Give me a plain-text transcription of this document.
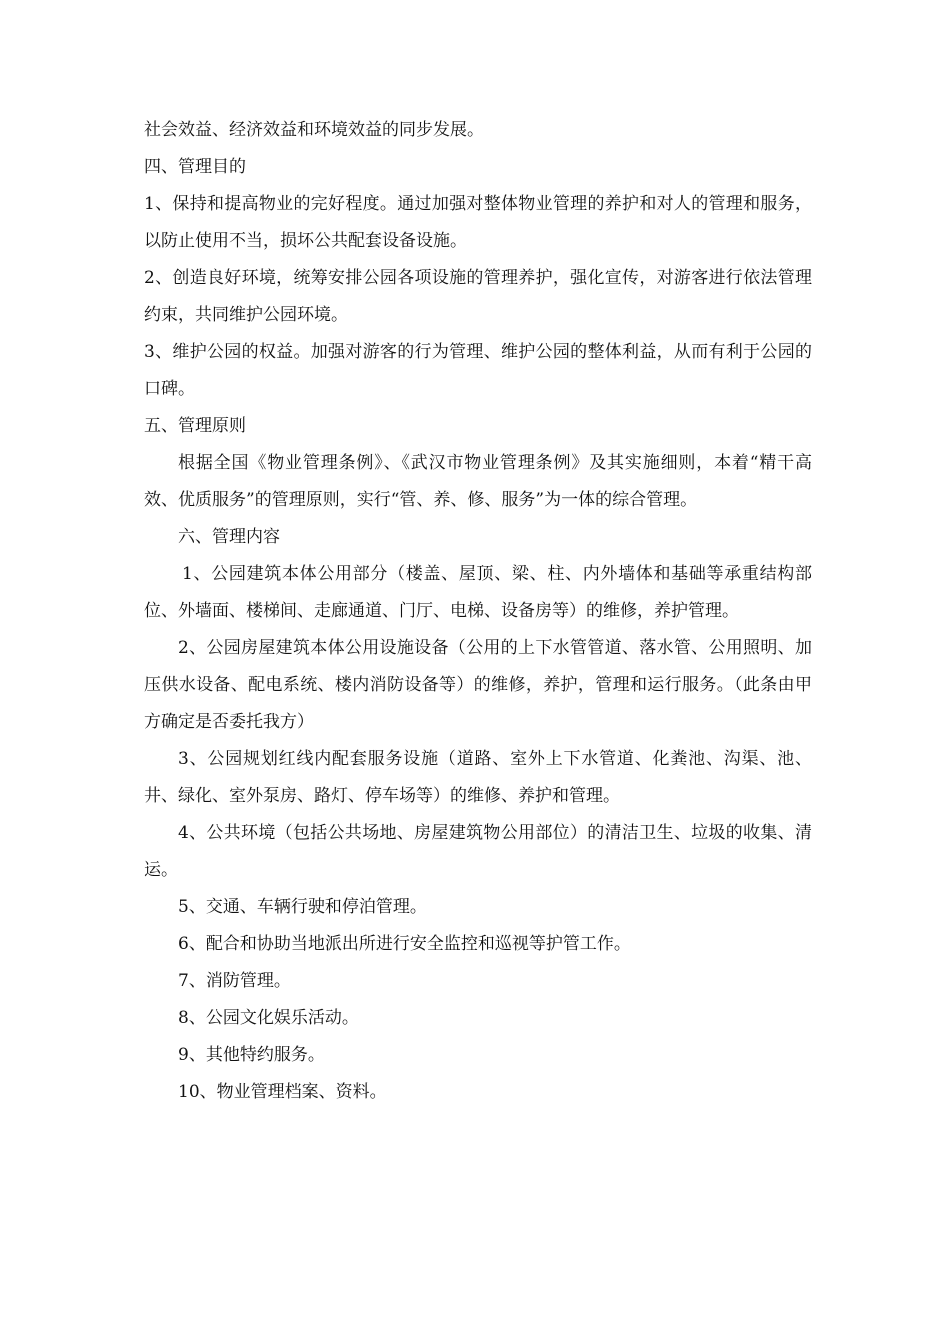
社会效益、经济效益和环境效益的同步发展。

四、管理目的

1、保持和提高物业的完好程度。通过加强对整体物业管理的养护和对人的管理和服务，以防止使用不当，损坏公共配套设备设施。

2、创造良好环境，统筹安排公园各项设施的管理养护，强化宣传，对游客进行依法管理约束，共同维护公园环境。

3、维护公园的权益。加强对游客的行为管理、维护公园的整体利益，从而有利于公园的口碑。

五、管理原则

根据全国《物业管理条例》、《武汉市物业管理条例》及其实施细则，本着“精干高效、优质服务”的管理原则，实行“管、养、修、服务”为一体的综合管理。

六、管理内容

1、公园建筑本体公用部分（楼盖、屋顶、梁、柱、内外墙体和基础等承重结构部位、外墙面、楼梯间、走廊通道、门厅、电梯、设备房等）的维修，养护管理。

2、公园房屋建筑本体公用设施设备（公用的上下水管管道、落水管、公用照明、加压供水设备、配电系统、楼内消防设备等）的维修，养护，管理和运行服务。（此条由甲方确定是否委托我方）

3、公园规划红线内配套服务设施（道路、室外上下水管道、化粪池、沟渠、池、井、绿化、室外泵房、路灯、停车场等）的维修、养护和管理。

4、公共环境（包括公共场地、房屋建筑物公用部位）的清洁卫生、垃圾的收集、清运。

5、交通、车辆行驶和停泊管理。

6、配合和协助当地派出所进行安全监控和巡视等护管工作。

7、消防管理。

8、公园文化娱乐活动。

9、其他特约服务。

10、物业管理档案、资料。
